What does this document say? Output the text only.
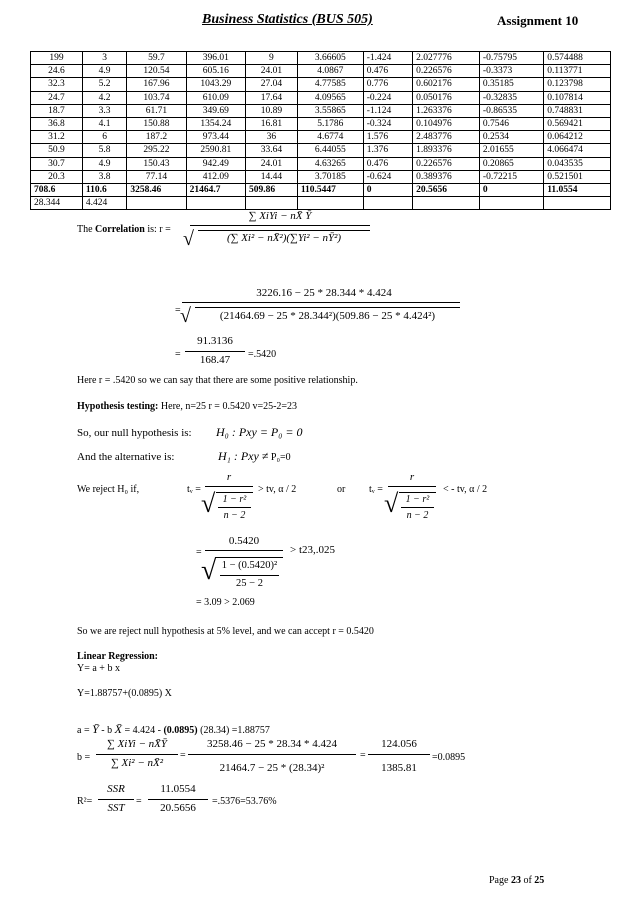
Business Statistics (BUS 505)	Assignment 10
199	3	59.7	396.01	9	3.66605	-1.424	2.027776	-0.75795	0.574488
24.6	4.9	120.54	605.16	24.01	4.0867	0.476	0.226576	-0.3373	0.113771
32.3	5.2	167.96	1043.29	27.04	4.77585	0.776	0.602176	0.35185	0.123798
24.7	4.2	103.74	610.09	17.64	4.09565	-0.224	0.050176	-0.32835	0.107814
18.7	3.3	61.71	349.69	10.89	3.55865	-1.124	1.263376	-0.86535	0.748831
36.8	4.1	150.88	1354.24	16.81	5.1786	-0.324	0.104976	0.7546	0.569421
31.2	6	187.2	973.44	36	4.6774	1.576	2.483776	0.2534	0.064212
50.9	5.8	295.22	2590.81	33.64	6.44055	1.376	1.893376	2.01655	4.066474
30.7	4.9	150.43	942.49	24.01	4.63265	0.476	0.226576	0.20865	0.043535
20.3	3.8	77.14	412.09	14.44	3.70185	-0.624	0.389376	-0.72215	0.521501
708.6	110.6	3258.46	21464.7	509.86	110.5447	0	20.5656	0	11.0554
28.344	4.424								
The Correlation is: r =
∑ XiYi − nX̄ Ȳ
√	(∑ Xi² − nX̄²)(∑Yi² − nȲ²)
=
3226.16 − 25 * 28.344 * 4.424
√	(21464.69 − 25 * 28.344²)(509.86 − 25 * 4.424²)
=
91.3136
168.47	=.5420
Here r = .5420 so we can say that there are some positive relationship.
Hypothesis testing: Here, n=25 r = 0.5420 v=25-2=23
So, our null hypothesis is: H₀ : Pxy = P₀ = 0
And the alternative is:	H₁ : Pxy ≠ P₀=0
We reject H₀ if,	tᵥ =
r
√ 1 − r²
n − 2
> tv, α / 2	or tᵥ =
r
√ 1 − r²
n − 2
< - tv, α / 2
=
0.5420
√ 1 − (0.5420)²
25 − 2
> t23,.025
= 3.09 > 2.069
So we are reject null hypothesis at 5% level, and we can accept r = 0.5420
Linear Regression:
Y= a + b x
Y=1.88757+(0.0895) X
a = Ȳ - b X̄ = 4.424 - (0.0895) (28.34) =1.88757
b =
∑ XiYi − nX̄Ȳ
∑ Xi² − nX̄²
=
3258.46 − 25 * 28.34 * 4.424
21464.7 − 25 * (28.34)²
=
124.056
1385.81
=0.0895
R²=
SSR
SST
=
11.0554
20.5656
=.5376=53.76%
Page 23 of 25
